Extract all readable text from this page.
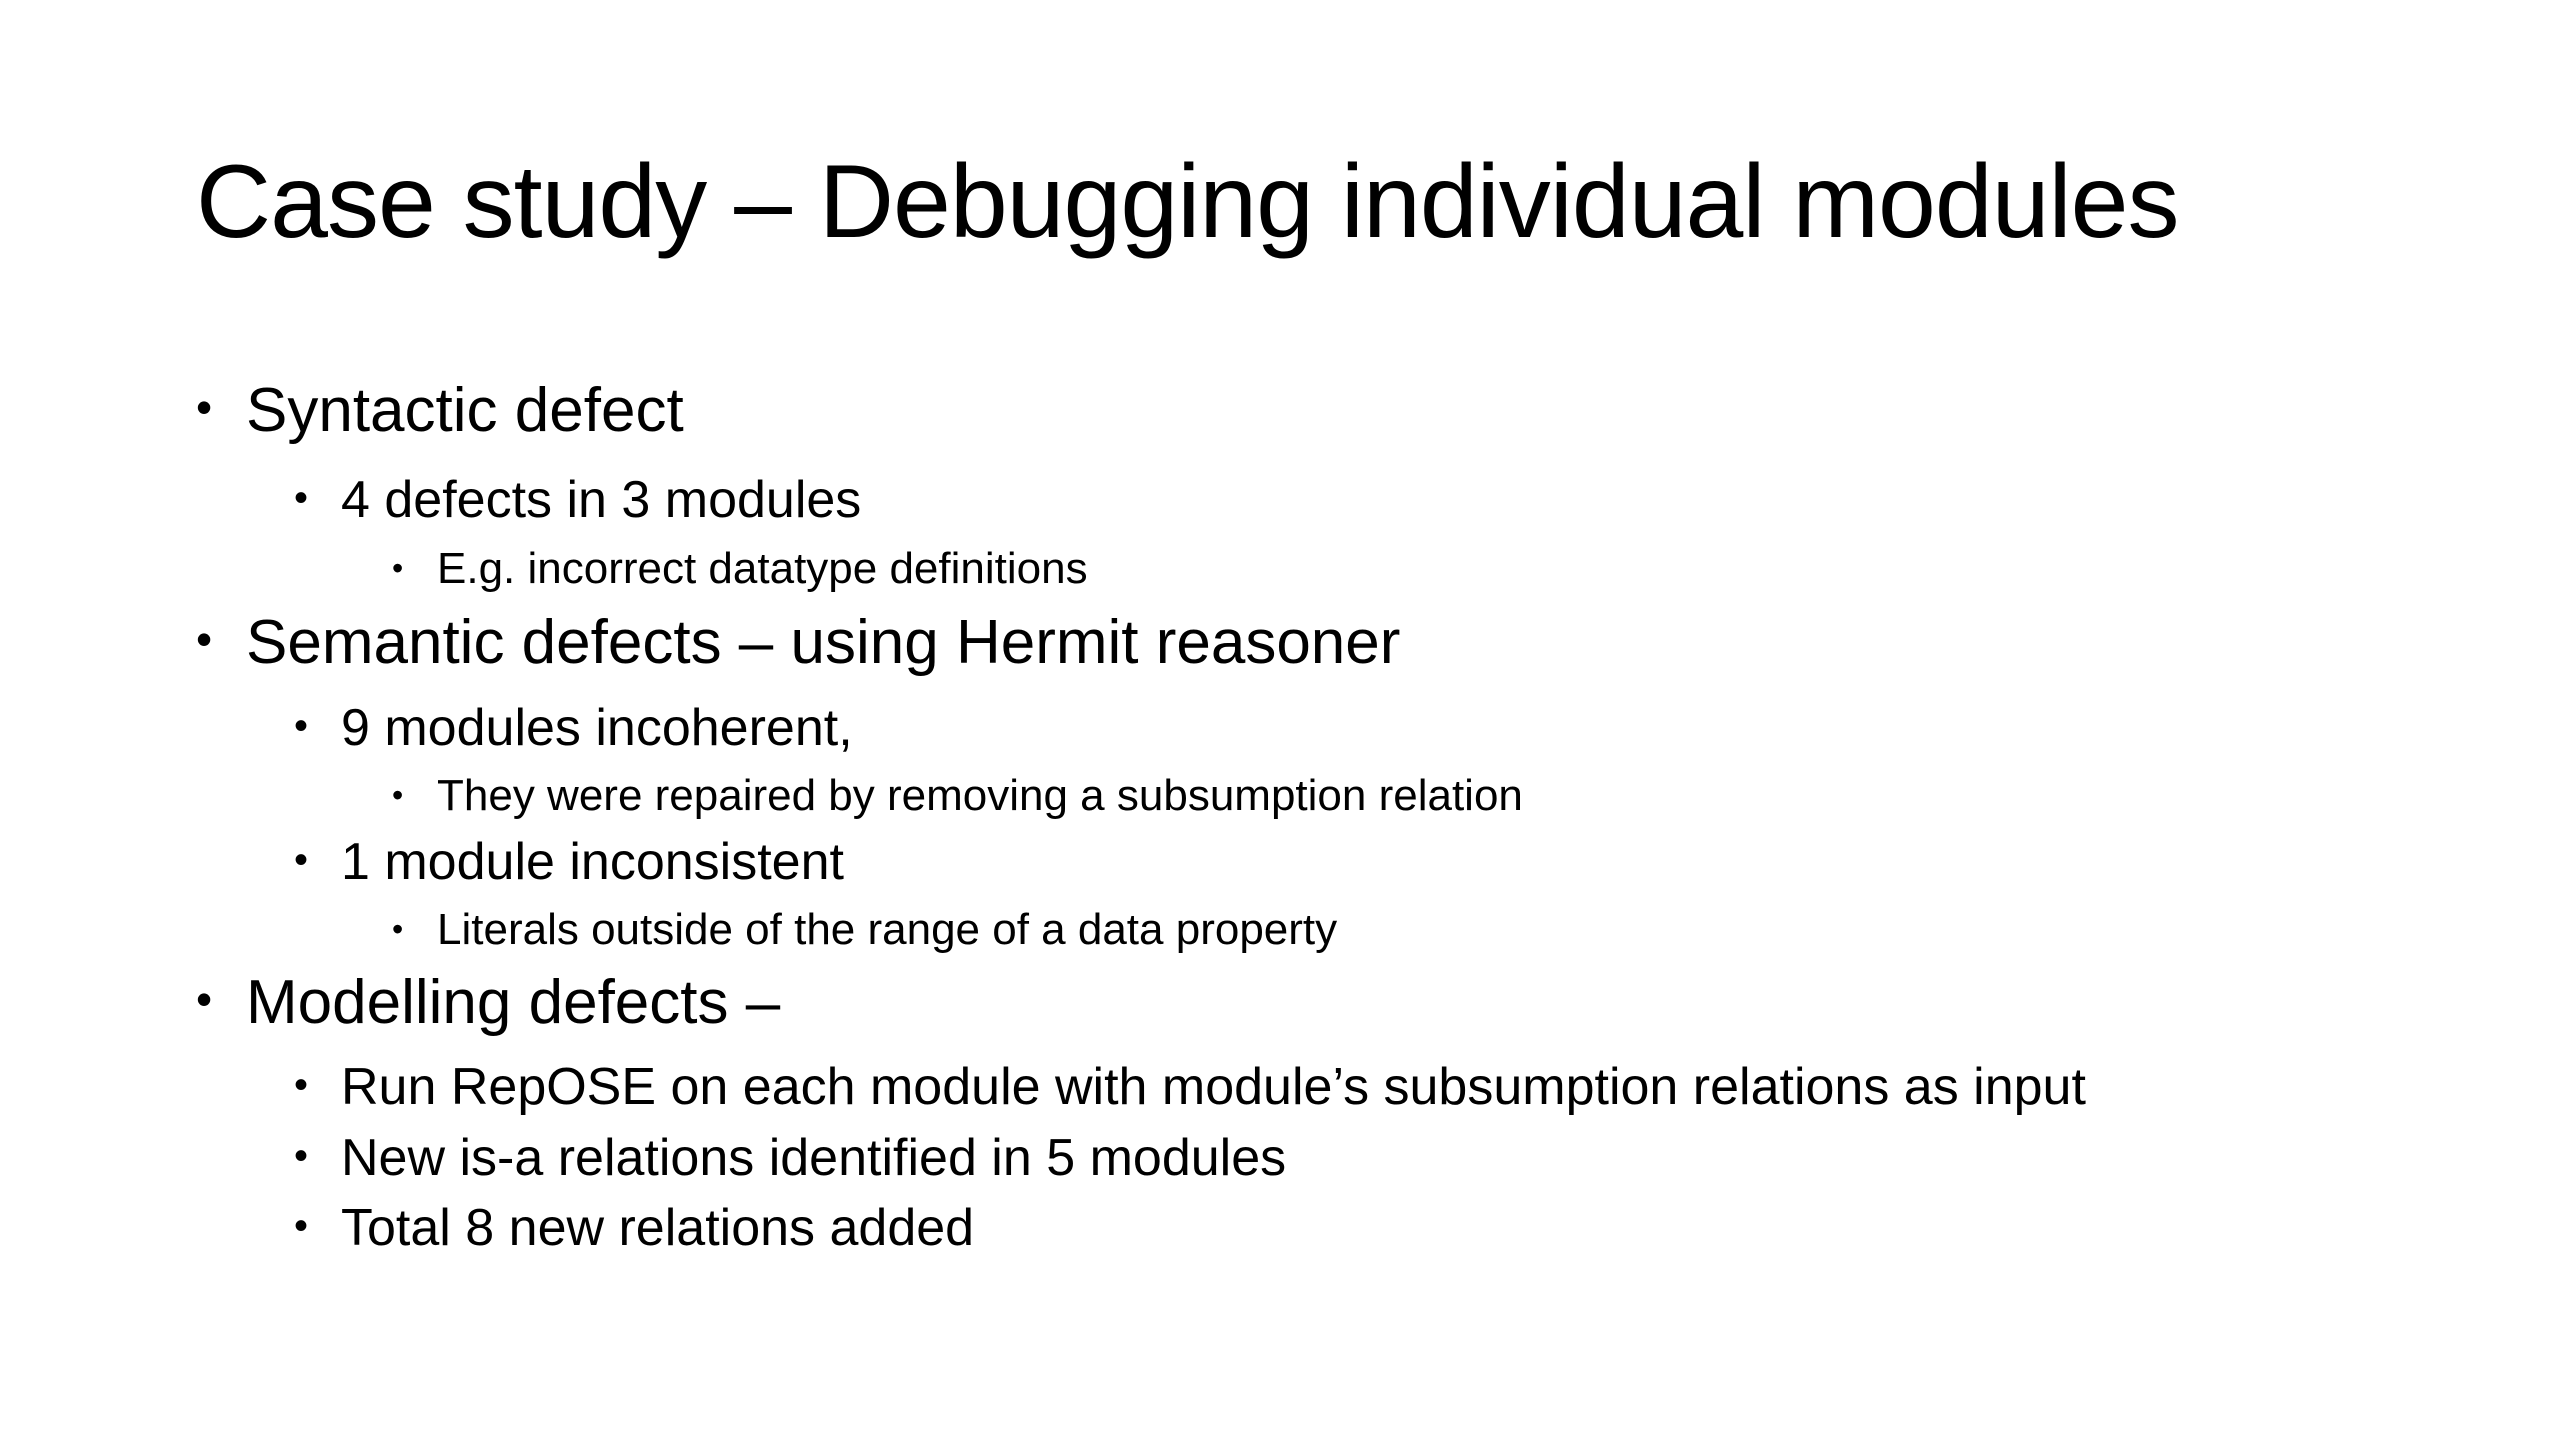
Case study – Debugging individual modules
• Syntactic defect
• 4 defects in 3 modules
• E.g. incorrect datatype definitions
• Semantic defects – using Hermit reasoner
• 9 modules incoherent,
• They were repaired by removing a subsumption relation
• 1 module inconsistent
• Literals outside of the range of a data property
• Modelling defects –
• Run RepOSE on each module with module’s subsumption relations as input
• New is-a relations identified in 5 modules
• Total 8 new relations added
